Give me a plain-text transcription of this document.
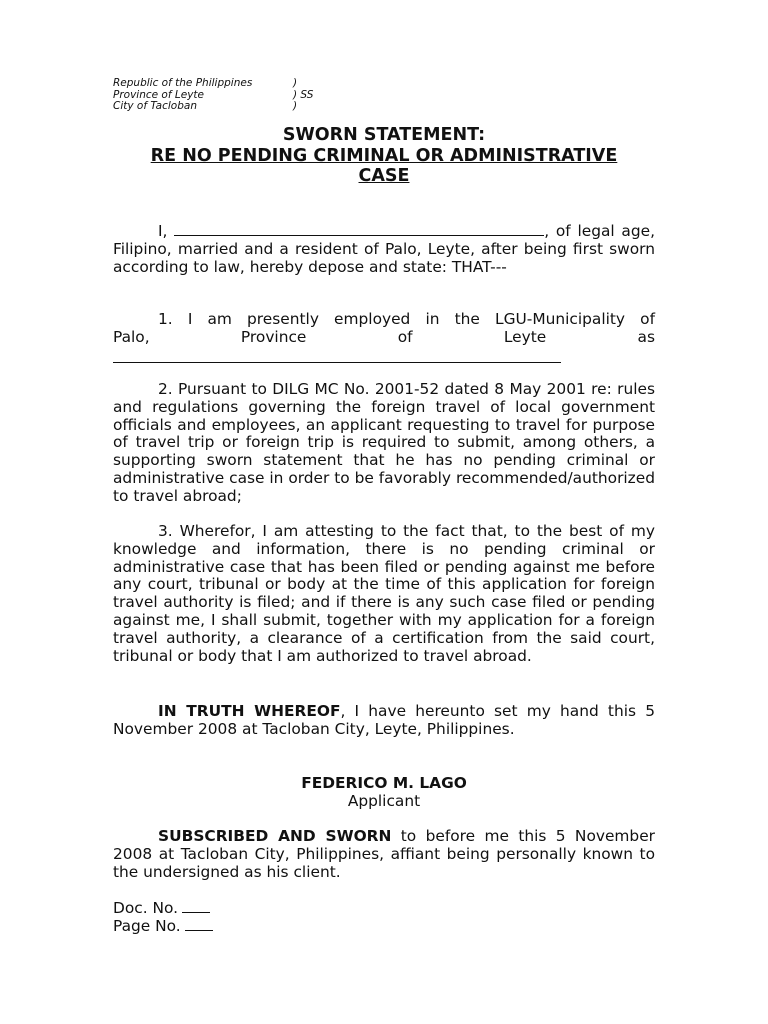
Republic of the Philippines	)
Province of Leyte	) SS
City of Tacloban	)
SWORN STATEMENT:
RE NO PENDING CRIMINAL OR ADMINISTRATIVE
CASE

I,	, of legal age, Filipino, married and a resident of Palo, Leyte, after being first sworn according to law, hereby depose and state: THAT---

1. I am presently employed in the LGU-Municipality of
Palo,	Province	of	Leyte	as

2. Pursuant to DILG MC No. 2001-52 dated 8 May 2001 re: rules and regulations governing the foreign travel of local government officials and employees, an applicant requesting to travel for purpose of travel trip or foreign trip is required to submit, among others, a supporting sworn statement that he has no pending criminal or administrative case in order to be favorably recommended/authorized to travel abroad;

3. Wherefor, I am attesting to the fact that, to the best of my knowledge and information, there is no pending criminal or administrative case that has been filed or pending against me before any court, tribunal or body at the time of this application for foreign travel authority is filed; and if there is any such case filed or pending against me, I shall submit, together with my application for a foreign travel authority, a clearance of a certification from the said court, tribunal or body that I am authorized to travel abroad.

IN TRUTH WHEREOF, I have hereunto set my hand this 5 November 2008 at Tacloban City, Leyte, Philippines.

FEDERICO M. LAGO
Applicant

SUBSCRIBED AND SWORN to before me this 5 November 2008 at Tacloban City, Philippines, affiant being personally known to the undersigned as his client.

Doc. No.
Page No.
